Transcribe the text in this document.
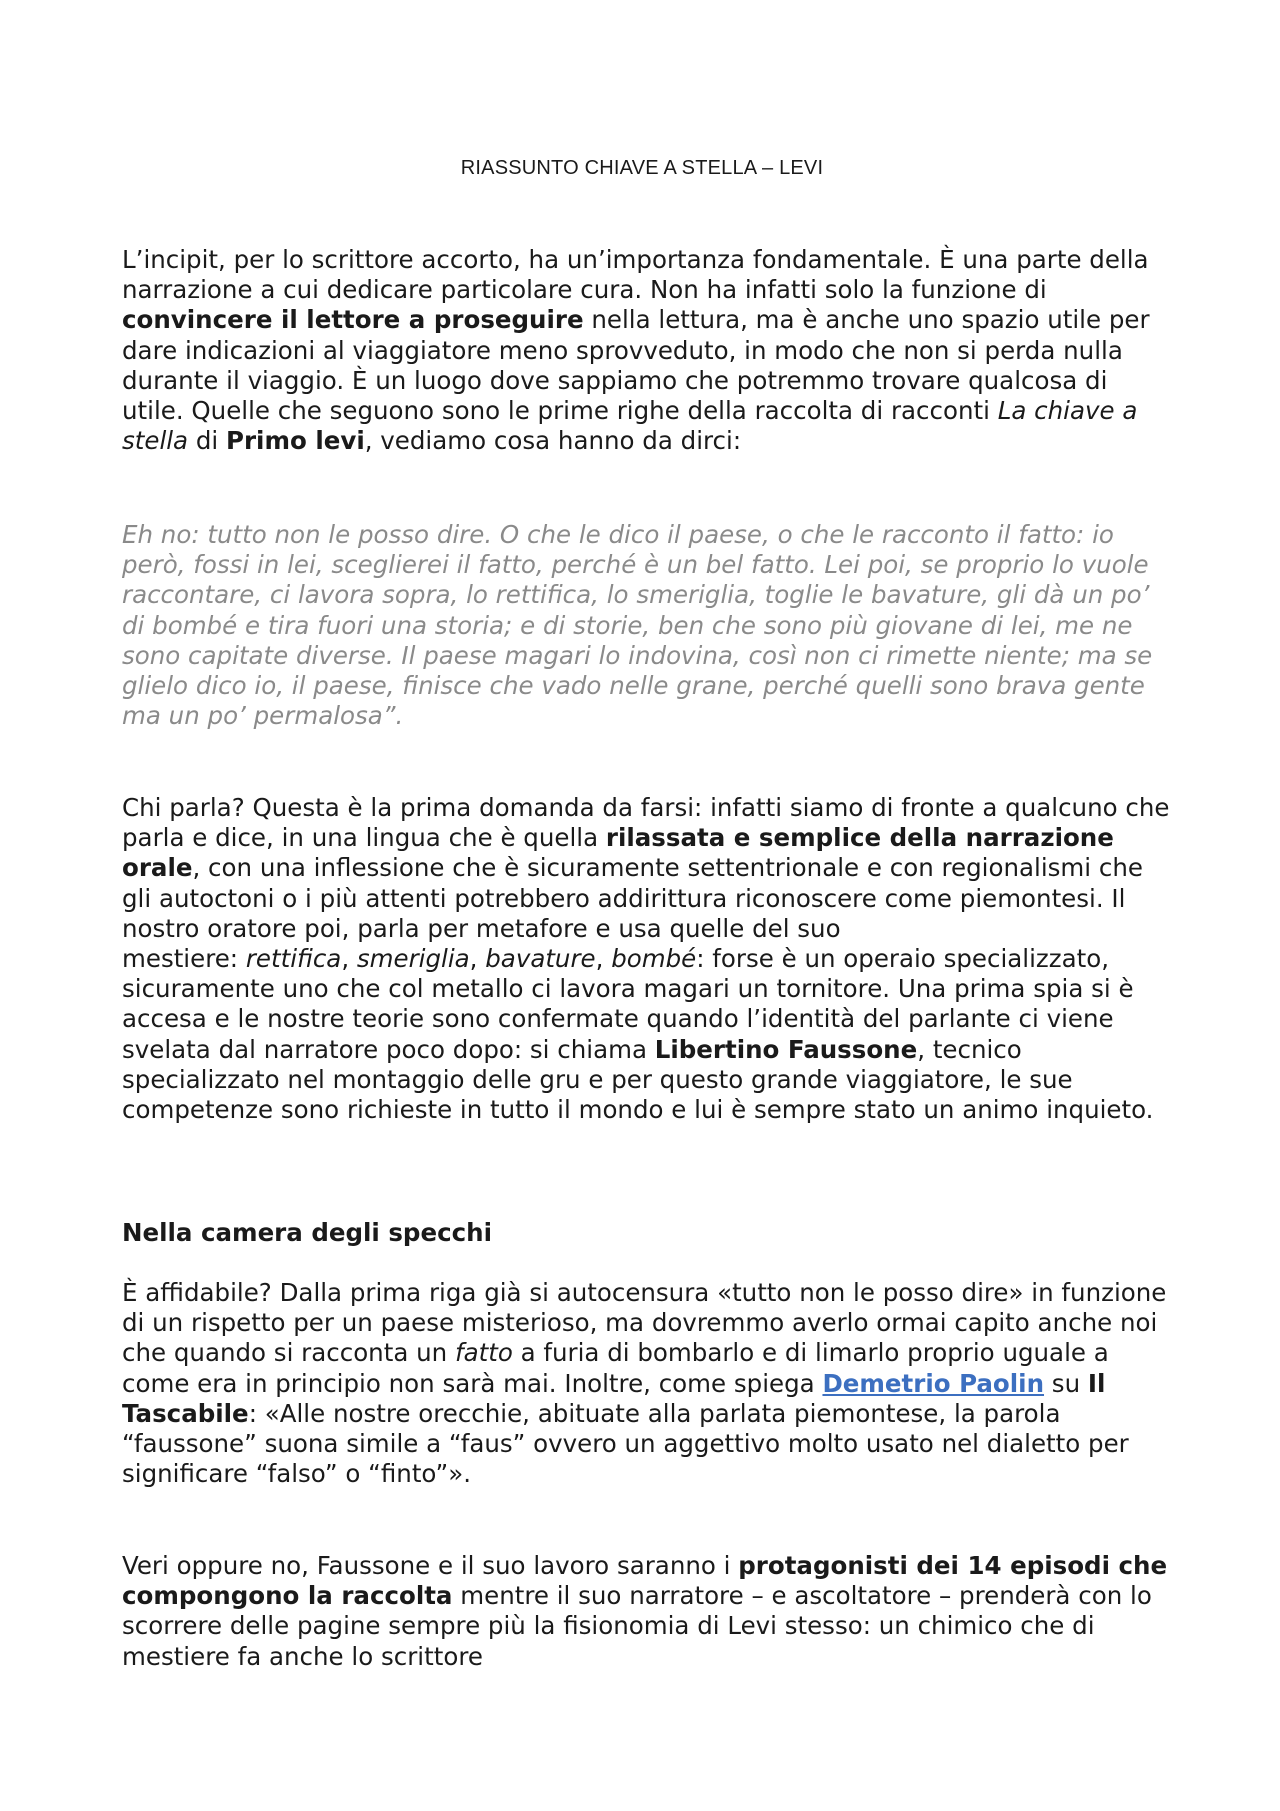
RIASSUNTO CHIAVE A STELLA – LEVI

L’incipit, per lo scrittore accorto, ha un’importanza fondamentale. È una parte della narrazione a cui dedicare particolare cura. Non ha infatti solo la funzione di convincere il lettore a proseguire nella lettura, ma è anche uno spazio utile per dare indicazioni al viaggiatore meno sprovveduto, in modo che non si perda nulla durante il viaggio. È un luogo dove sappiamo che potremmo trovare qualcosa di utile. Quelle che seguono sono le prime righe della raccolta di racconti La chiave a stella di Primo levi, vediamo cosa hanno da dirci:

Eh no: tutto non le posso dire. O che le dico il paese, o che le racconto il fatto: io però, fossi in lei, sceglierei il fatto, perché è un bel fatto. Lei poi, se proprio lo vuole raccontare, ci lavora sopra, lo rettifica, lo smeriglia, toglie le bavature, gli dà un po’ di bombé e tira fuori una storia; e di storie, ben che sono più giovane di lei, me ne sono capitate diverse. Il paese magari lo indovina, così non ci rimette niente; ma se glielo dico io, il paese, finisce che vado nelle grane, perché quelli sono brava gente ma un po’ permalosa”.

Chi parla? Questa è la prima domanda da farsi: infatti siamo di fronte a qualcuno che parla e dice, in una lingua che è quella rilassata e semplice della narrazione orale, con una inflessione che è sicuramente settentrionale e con regionalismi che gli autoctoni o i più attenti potrebbero addirittura riconoscere come piemontesi. Il nostro oratore poi, parla per metafore e usa quelle del suo
mestiere: rettifica, smeriglia, bavature, bombé: forse è un operaio specializzato, sicuramente uno che col metallo ci lavora magari un tornitore. Una prima spia si è accesa e le nostre teorie sono confermate quando l’identità del parlante ci viene svelata dal narratore poco dopo: si chiama Libertino Faussone, tecnico specializzato nel montaggio delle gru e per questo grande viaggiatore, le sue competenze sono richieste in tutto il mondo e lui è sempre stato un animo inquieto.

Nella camera degli specchi

È affidabile? Dalla prima riga già si autocensura «tutto non le posso dire» in funzione di un rispetto per un paese misterioso, ma dovremmo averlo ormai capito anche noi che quando si racconta un fatto a furia di bombarlo e di limarlo proprio uguale a come era in principio non sarà mai. Inoltre, come spiega Demetrio Paolin su Il Tascabile: «Alle nostre orecchie, abituate alla parlata piemontese, la parola “faussone” suona simile a “faus” ovvero un aggettivo molto usato nel dialetto per significare “falso” o “finto”».

Veri oppure no, Faussone e il suo lavoro saranno i protagonisti dei 14 episodi che compongono la raccolta mentre il suo narratore – e ascoltatore – prenderà con lo scorrere delle pagine sempre più la fisionomia di Levi stesso: un chimico che di mestiere fa anche lo scrittore
